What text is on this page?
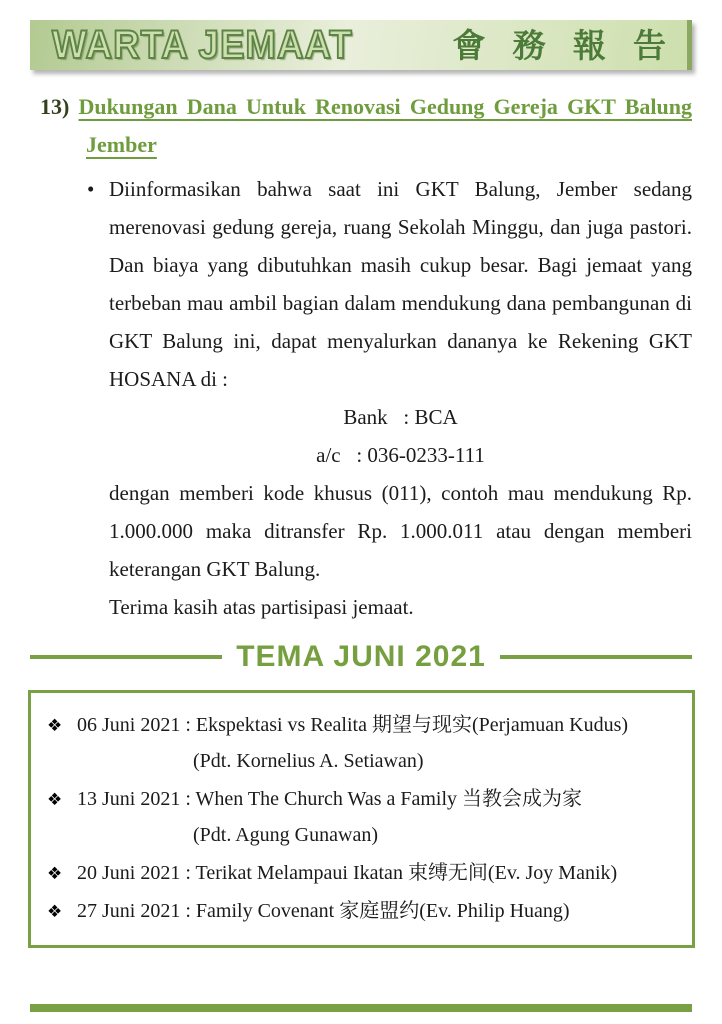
WARTA JEMAAT	會 務 報 告
13) Dukungan Dana Untuk Renovasi Gedung Gereja GKT Balung Jember
• Diinformasikan bahwa saat ini GKT Balung, Jember sedang merenovasi gedung gereja, ruang Sekolah Minggu, dan juga pastori. Dan biaya yang dibutuhkan masih cukup besar. Bagi jemaat yang terbeban mau ambil bagian dalam mendukung dana pembangunan di GKT Balung ini, dapat menyalurkan dananya ke Rekening GKT HOSANA di :
Bank   : BCA
a/c   : 036-0233-111
dengan memberi kode khusus (011), contoh mau mendukung Rp. 1.000.000 maka ditransfer Rp. 1.000.011 atau dengan memberi keterangan GKT Balung.
Terima kasih atas partisipasi jemaat.
TEMA JUNI 2021
❖ 06 Juni 2021 : Ekspektasi vs Realita 期望与现实(Perjamuan Kudus)
(Pdt. Kornelius A. Setiawan)
❖ 13 Juni 2021 : When The Church Was a Family 当教会成为家
(Pdt. Agung Gunawan)
❖ 20 Juni 2021 : Terikat Melampaui Ikatan 束缚无间(Ev. Joy Manik)
❖ 27 Juni 2021 : Family Covenant 家庭盟约(Ev. Philip Huang)
